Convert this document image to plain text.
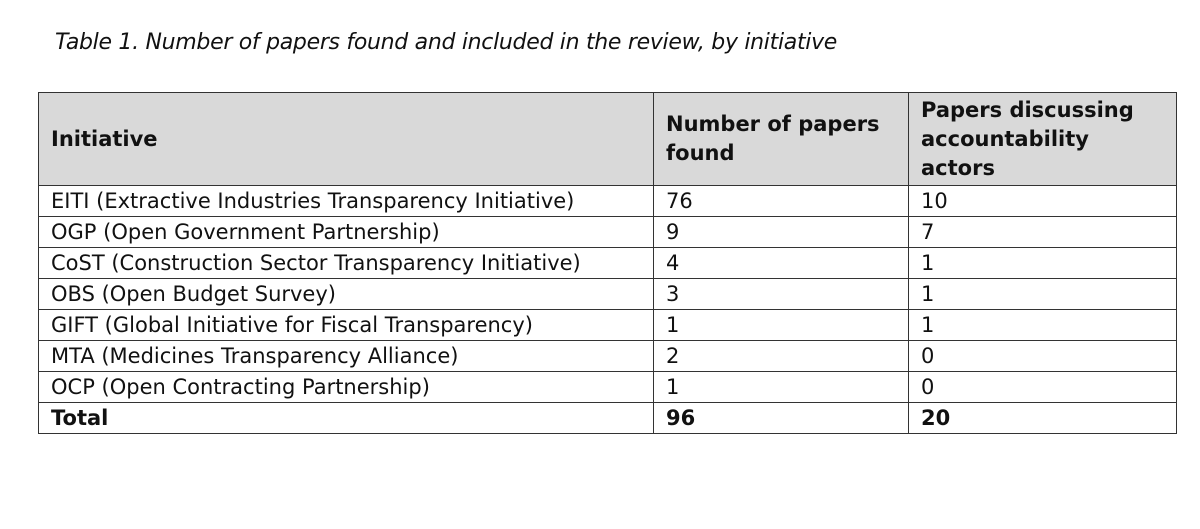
Table 1. Number of papers found and included in the review, by initiative
Initiative	Number of papers found	Papers discussing accountability actors
EITI (Extractive Industries Transparency Initiative)	76	10
OGP (Open Government Partnership)	9	7
CoST (Construction Sector Transparency Initiative)	4	1
OBS (Open Budget Survey)	3	1
GIFT (Global Initiative for Fiscal Transparency)	1	1
MTA (Medicines Transparency Alliance)	2	0
OCP (Open Contracting Partnership)	1	0
Total	96	20
